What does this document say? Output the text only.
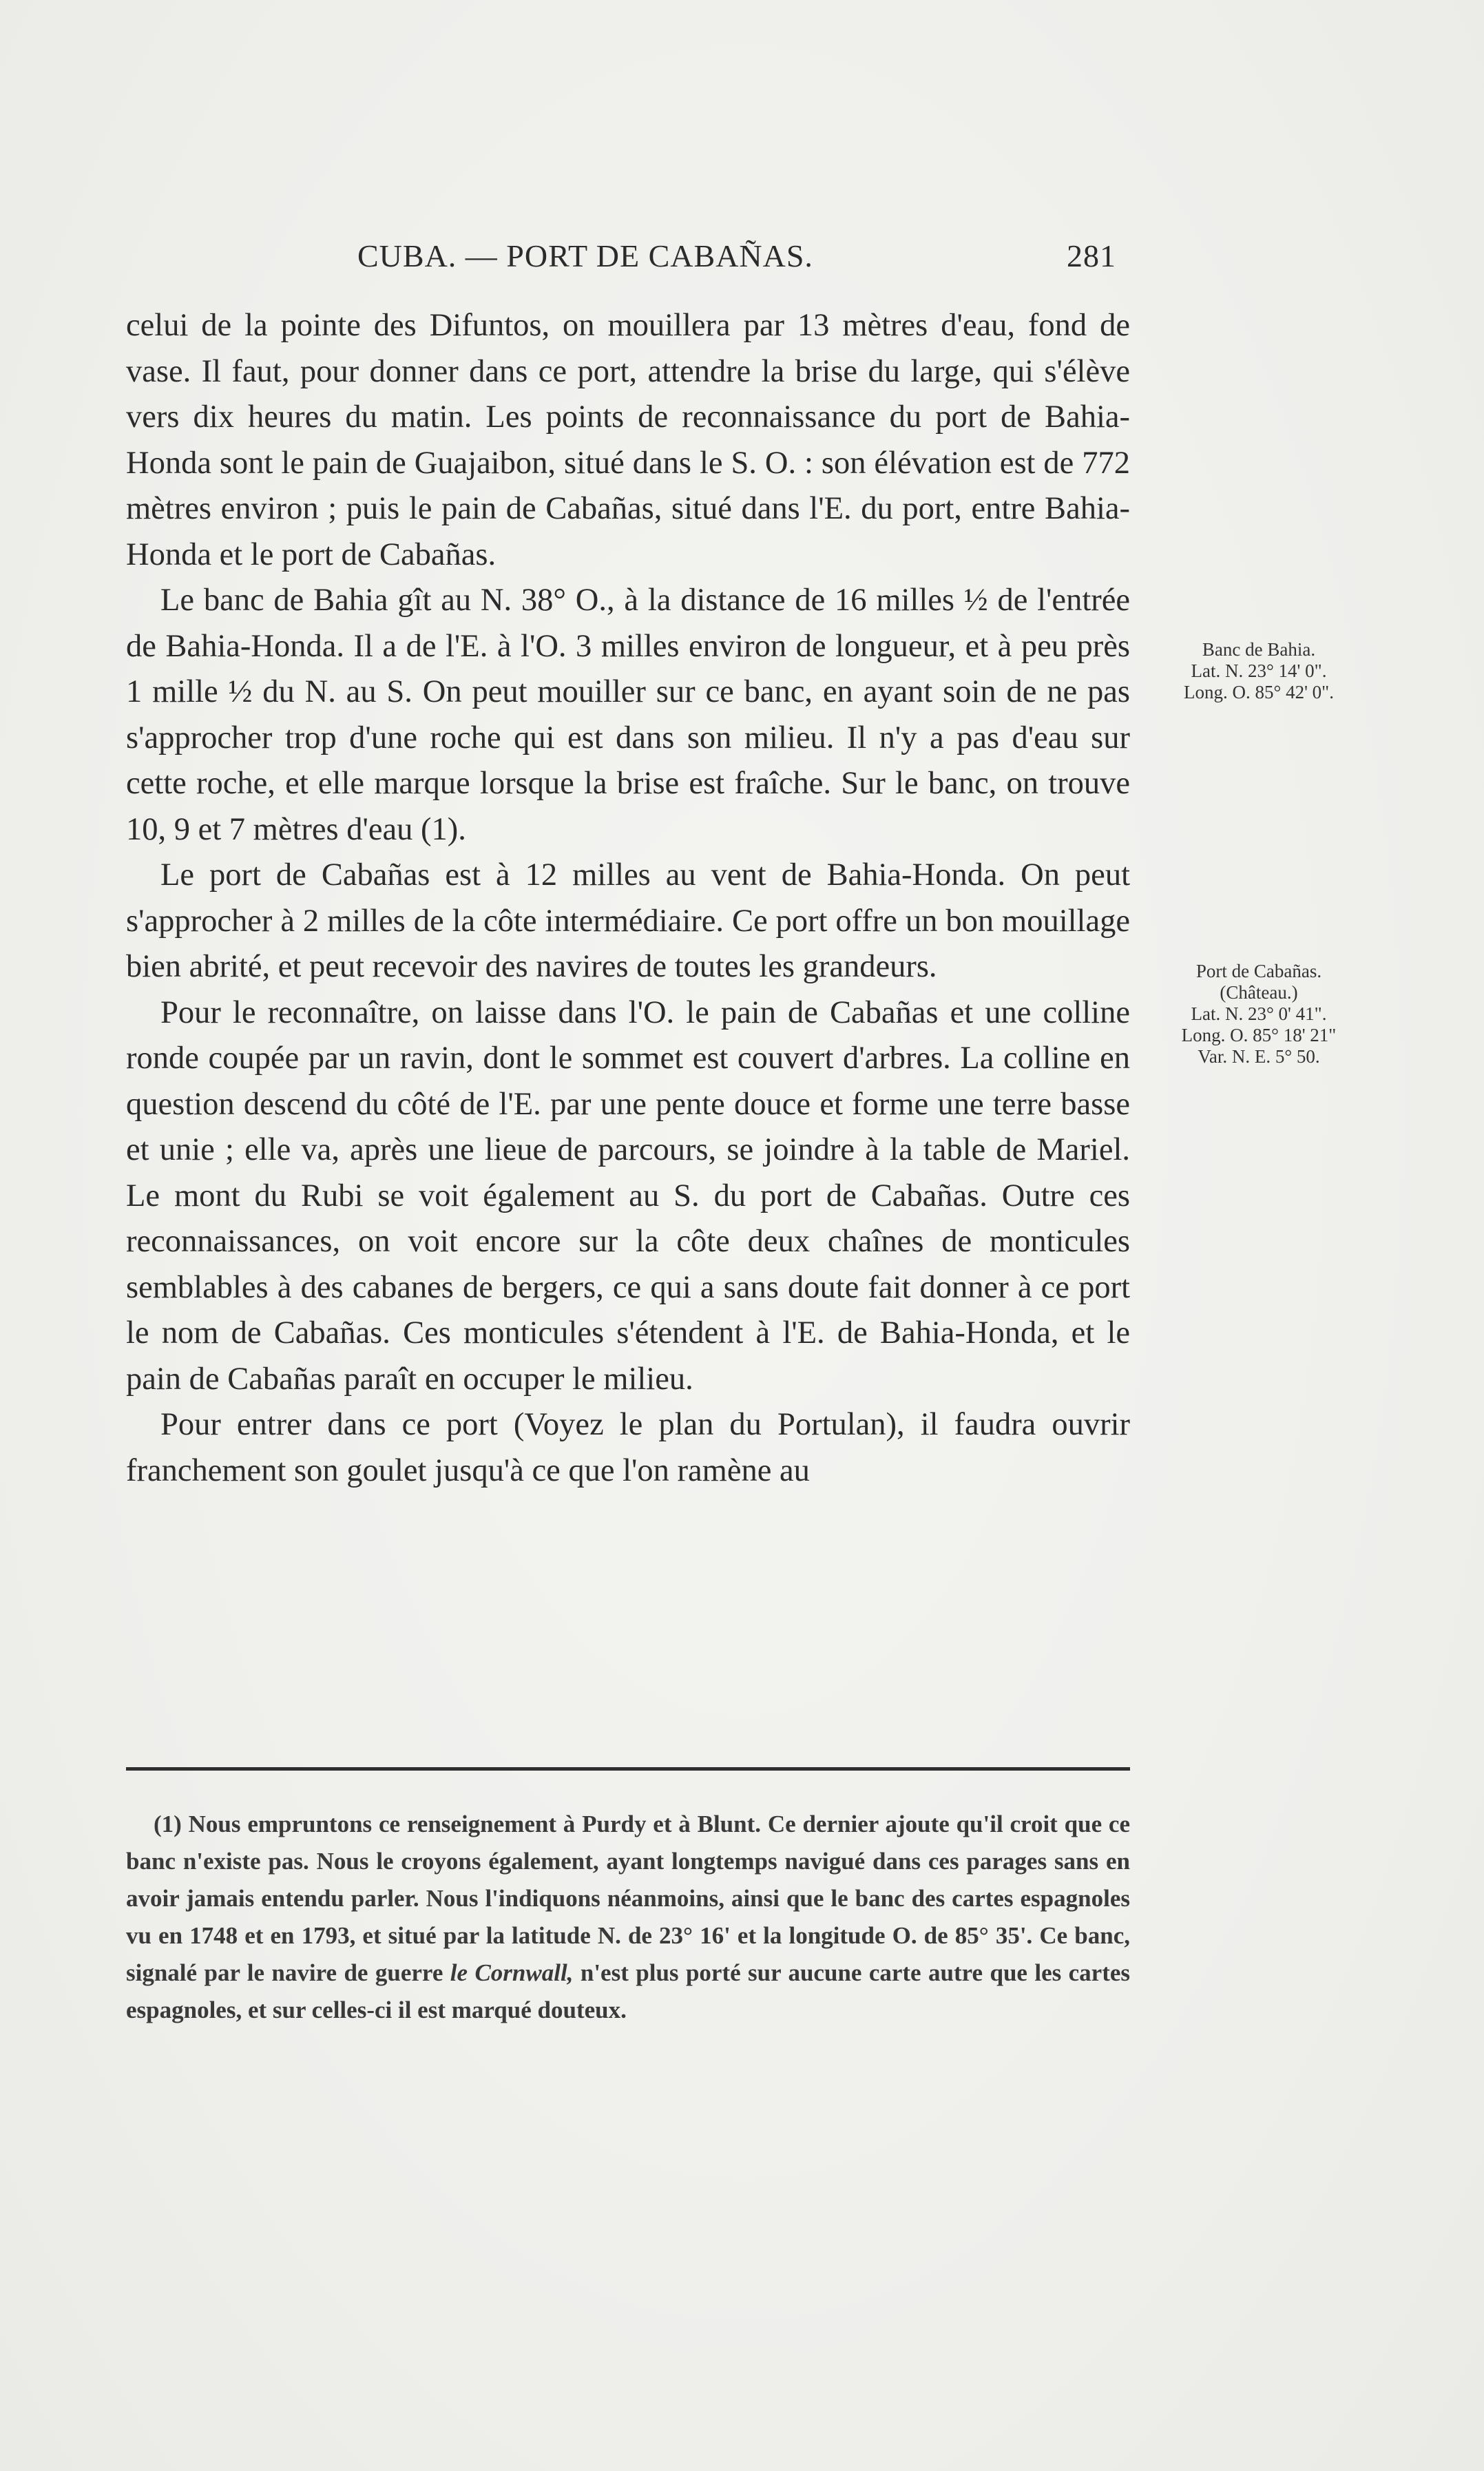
CUBA. — PORT DE CABAÑAS.	281

celui de la pointe des Difuntos, on mouillera par 13 mètres d'eau, fond de vase. Il faut, pour donner dans ce port, attendre la brise du large, qui s'élève vers dix heures du matin. Les points de reconnaissance du port de Bahia-Honda sont le pain de Guajaibon, situé dans le S. O. : son élévation est de 772 mètres environ ; puis le pain de Cabañas, situé dans l'E. du port, entre Bahia-Honda et le port de Cabañas.

Le banc de Bahia gît au N. 38° O., à la distance de 16 milles ½ de l'entrée de Bahia-Honda. Il a de l'E. à l'O. 3 milles environ de longueur, et à peu près 1 mille ½ du N. au S. On peut mouiller sur ce banc, en ayant soin de ne pas s'approcher trop d'une roche qui est dans son milieu. Il n'y a pas d'eau sur cette roche, et elle marque lorsque la brise est fraîche. Sur le banc, on trouve 10, 9 et 7 mètres d'eau (1).

Le port de Cabañas est à 12 milles au vent de Bahia-Honda. On peut s'approcher à 2 milles de la côte intermédiaire. Ce port offre un bon mouillage bien abrité, et peut recevoir des navires de toutes les grandeurs.

Pour le reconnaître, on laisse dans l'O. le pain de Cabañas et une colline ronde coupée par un ravin, dont le sommet est couvert d'arbres. La colline en question descend du côté de l'E. par une pente douce et forme une terre basse et unie ; elle va, après une lieue de parcours, se joindre à la table de Mariel. Le mont du Rubi se voit également au S. du port de Cabañas. Outre ces reconnaissances, on voit encore sur la côte deux chaînes de monticules semblables à des cabanes de bergers, ce qui a sans doute fait donner à ce port le nom de Cabañas. Ces monticules s'étendent à l'E. de Bahia-Honda, et le pain de Cabañas paraît en occuper le milieu.

Pour entrer dans ce port (Voyez le plan du Portulan), il faudra ouvrir franchement son goulet jusqu'à ce que l'on ramène au

Banc de Bahia.
Lat. N. 23° 14' 0".
Long. O. 85° 42' 0".
Port de Cabañas.
(Château.)
Lat. N. 23° 0' 41".
Long. O. 85° 18' 21"
Var. N. E. 5° 50.

(1) Nous empruntons ce renseignement à Purdy et à Blunt. Ce dernier ajoute qu'il croit que ce banc n'existe pas. Nous le croyons également, ayant longtemps navigué dans ces parages sans en avoir jamais entendu parler. Nous l'indiquons néanmoins, ainsi que le banc des cartes espagnoles vu en 1748 et en 1793, et situé par la latitude N. de 23° 16' et la longitude O. de 85° 35'. Ce banc, signalé par le navire de guerre le Cornwall, n'est plus porté sur aucune carte autre que les cartes espagnoles, et sur celles-ci il est marqué douteux.
